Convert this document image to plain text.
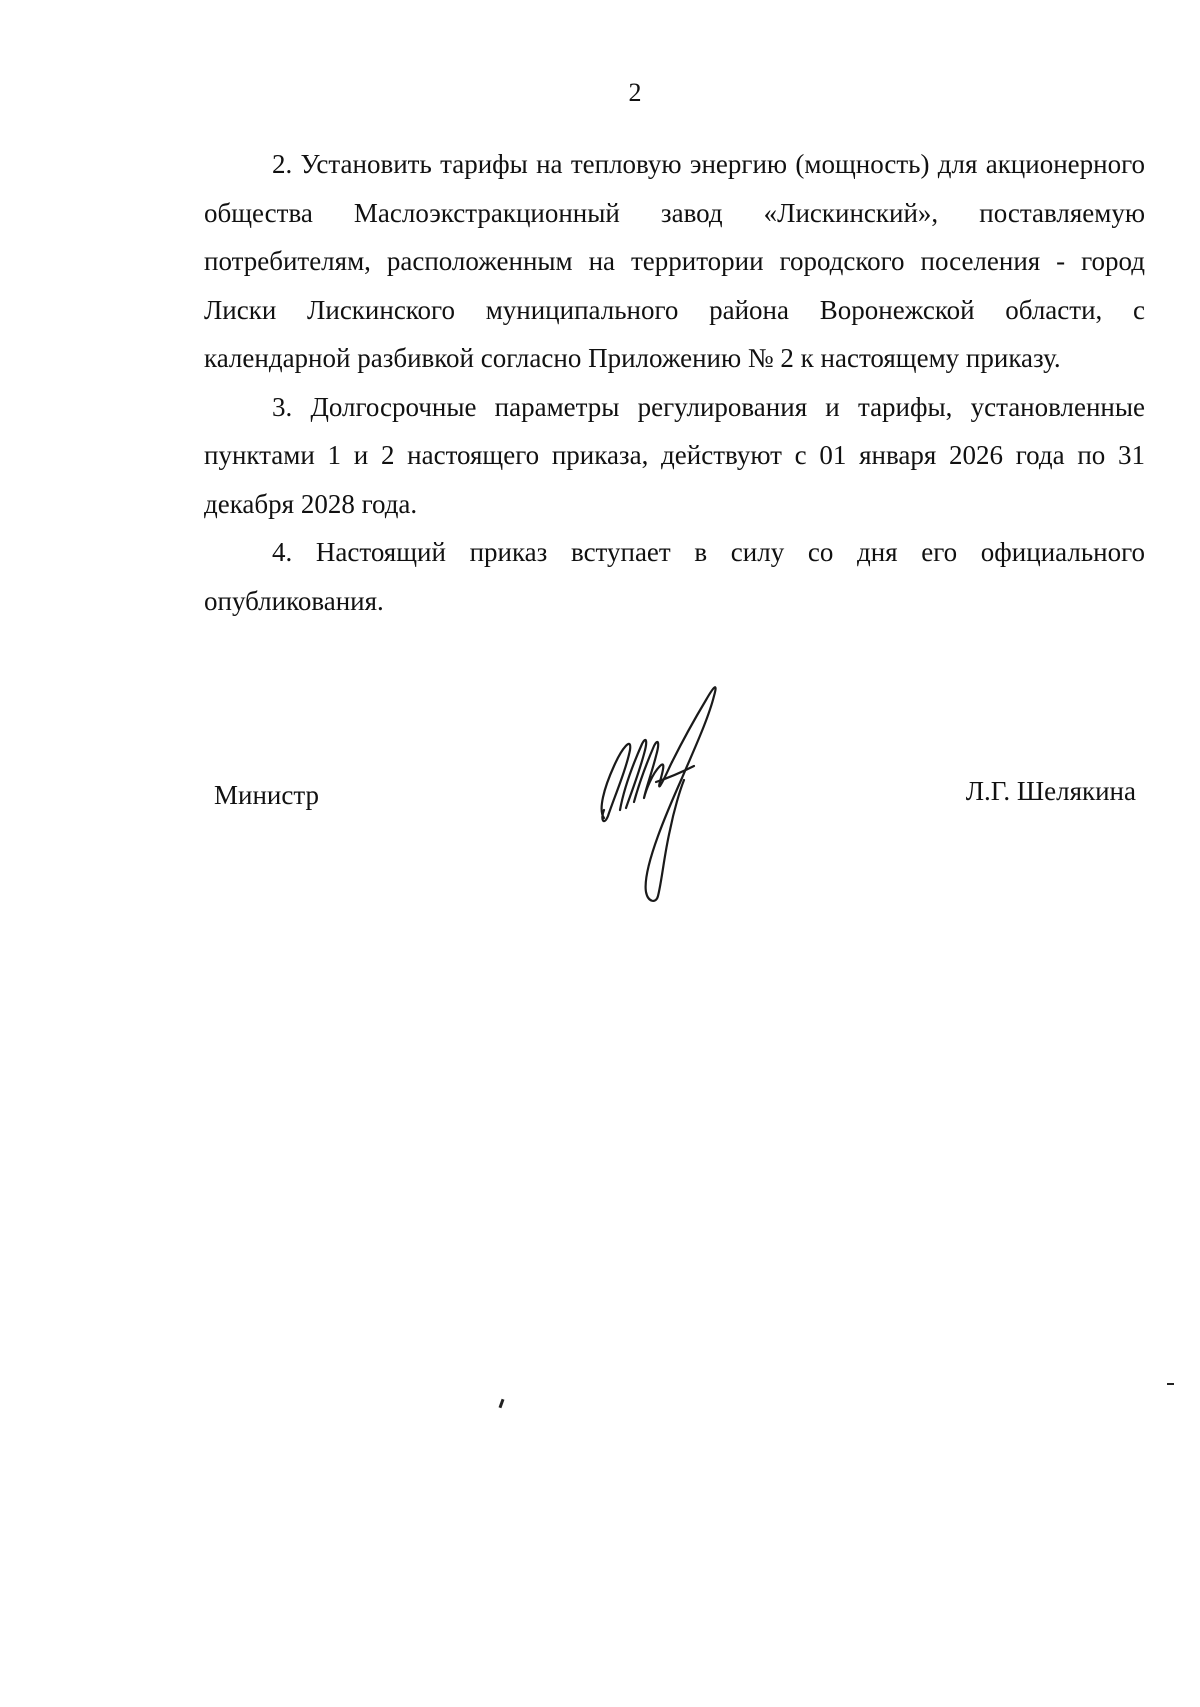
2

2. Установить тарифы на тепловую энергию (мощность) для акционерного общества Маслоэкстракционный завод «Лискинский», поставляемую потребителям, расположенным на территории городского поселения - город Лиски Лискинского муниципального района Воронежской области, с календарной разбивкой согласно Приложению № 2 к настоящему приказу.

3. Долгосрочные параметры регулирования и тарифы, установленные пунктами 1 и 2 настоящего приказа, действуют с 01 января 2026 года по 31 декабря 2028 года.

4. Настоящий приказ вступает в силу со дня его официального опубликования.

Министр	Л.Г. Шелякина
